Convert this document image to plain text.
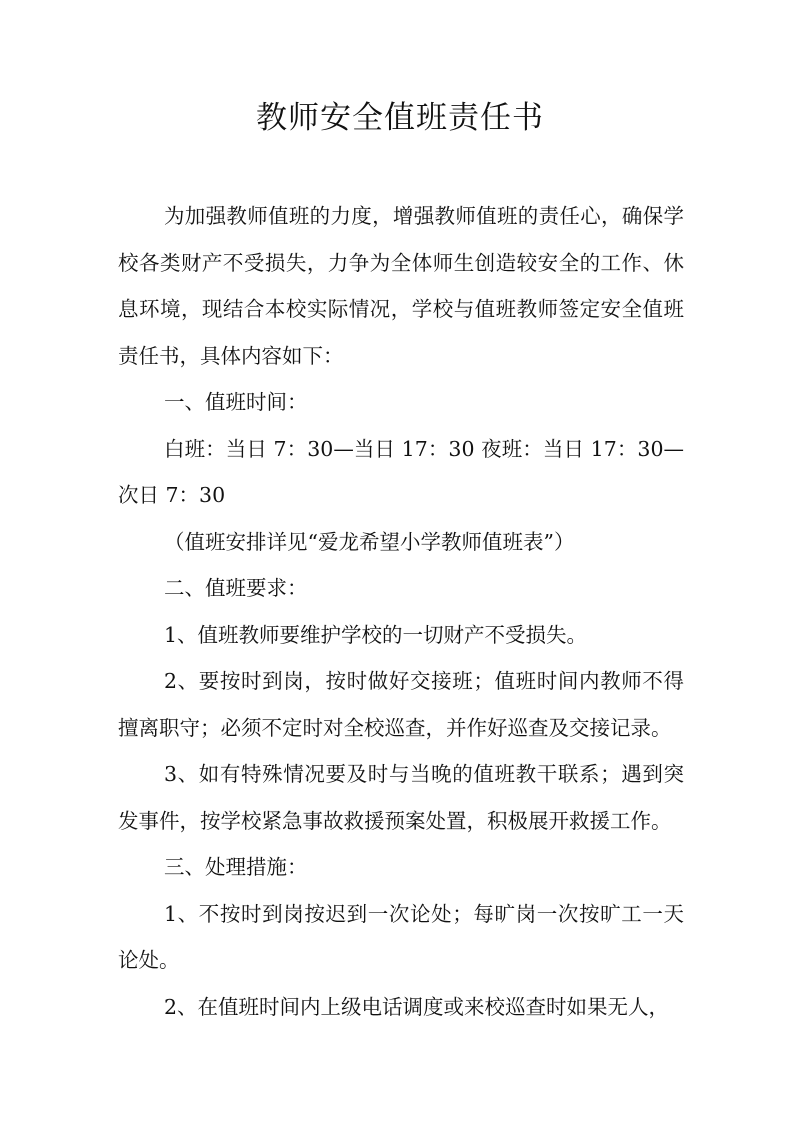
教师安全值班责任书

为加强教师值班的力度，增强教师值班的责任心，确保学校各类财产不受损失，力争为全体师生创造较安全的工作、休息环境，现结合本校实际情况，学校与值班教师签定安全值班责任书，具体内容如下：

一、值班时间：

白班：当日 7：30—当日 17：30 夜班：当日 17：30—次日 7：30

（值班安排详见“爱龙希望小学教师值班表”）

二、值班要求：

1、值班教师要维护学校的一切财产不受损失。

2、要按时到岗，按时做好交接班；值班时间内教师不得擅离职守；必须不定时对全校巡查，并作好巡查及交接记录。

3、如有特殊情况要及时与当晚的值班教干联系；遇到突发事件，按学校紧急事故救援预案处置，积极展开救援工作。

三、处理措施：

1、不按时到岗按迟到一次论处；每旷岗一次按旷工一天论处。

2、在值班时间内上级电话调度或来校巡查时如果无人，
